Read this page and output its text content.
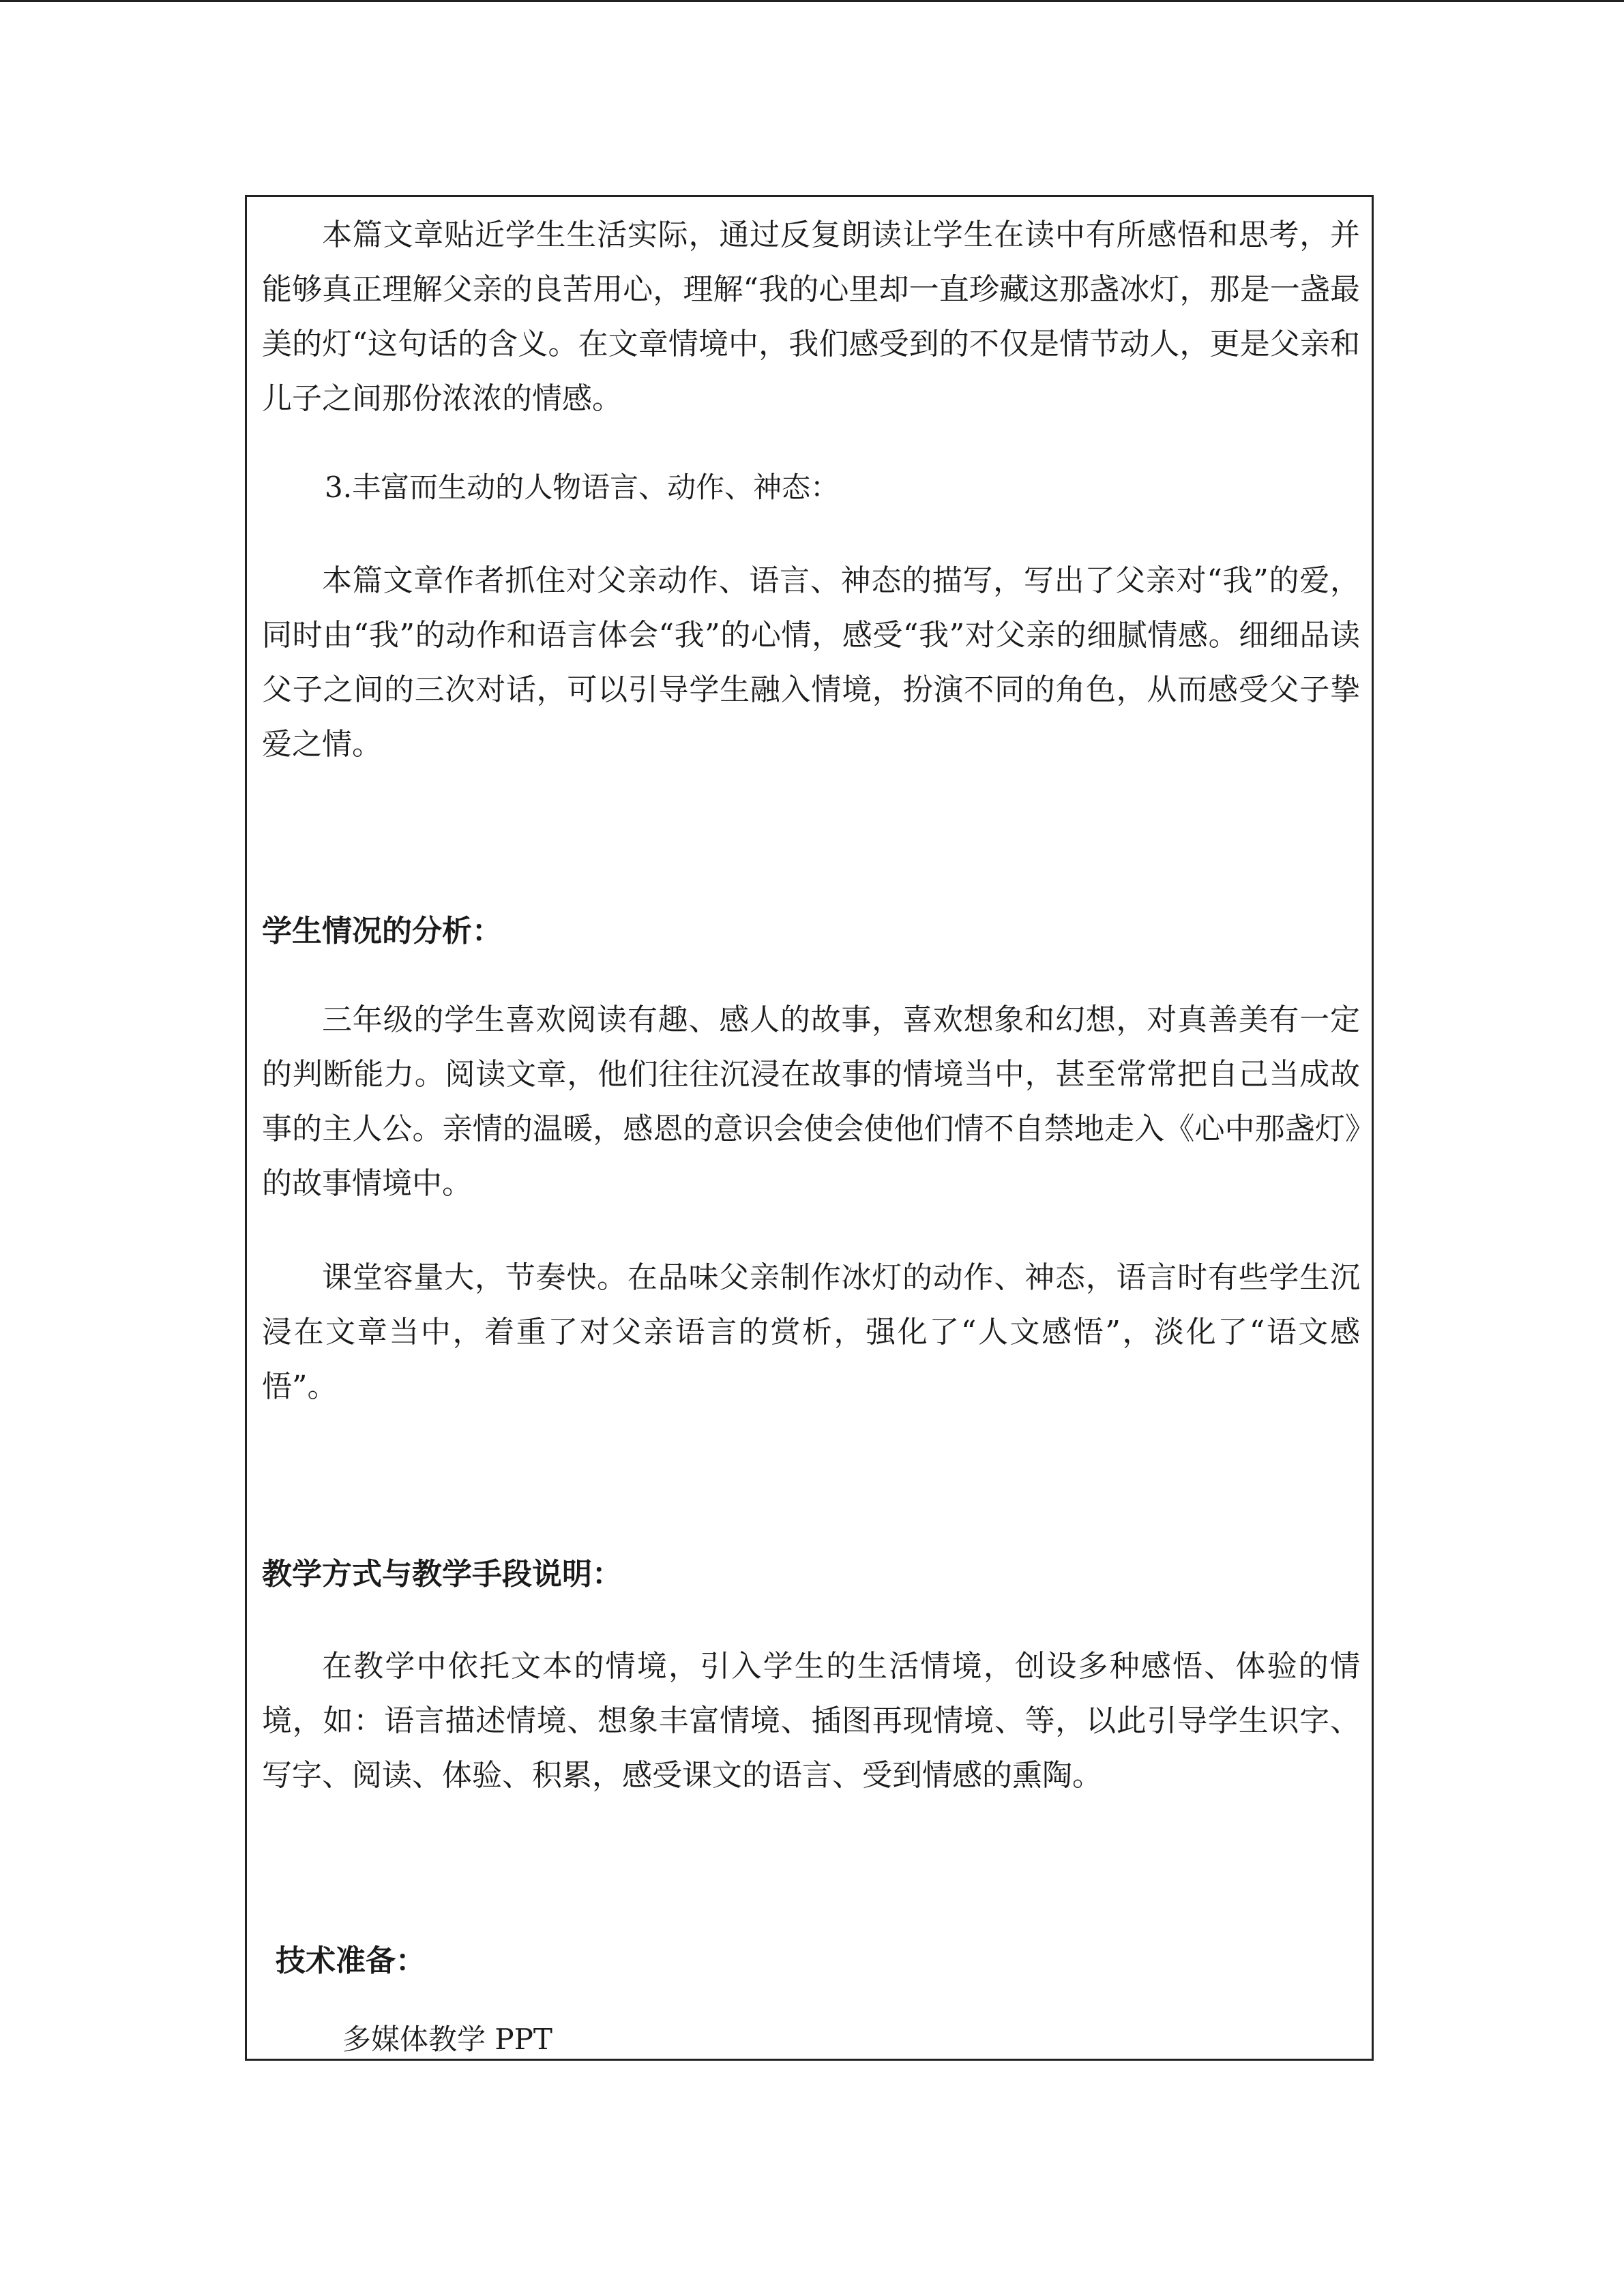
本篇文章贴近学生生活实际，通过反复朗读让学生在读中有所感悟和思考，并能够真正理解父亲的良苦用心，理解“我的心里却一直珍藏这那盏冰灯，那是一盏最美的灯“这句话的含义。在文章情境中，我们感受到的不仅是情节动人，更是父亲和儿子之间那份浓浓的情感。

3.丰富而生动的人物语言、动作、神态：

本篇文章作者抓住对父亲动作、语言、神态的描写，写出了父亲对“我”的爱，同时由“我”的动作和语言体会“我”的心情，感受“我”对父亲的细腻情感。细细品读父子之间的三次对话，可以引导学生融入情境，扮演不同的角色，从而感受父子挚爱之情。

学生情况的分析：

三年级的学生喜欢阅读有趣、感人的故事，喜欢想象和幻想，对真善美有一定的判断能力。阅读文章，他们往往沉浸在故事的情境当中，甚至常常把自己当成故事的主人公。亲情的温暖，感恩的意识会使会使他们情不自禁地走入《心中那盏灯》的故事情境中。

课堂容量大，节奏快。在品味父亲制作冰灯的动作、神态，语言时有些学生沉浸在文章当中，着重了对父亲语言的赏析，强化了“人文感悟”，淡化了“语文感悟”。

教学方式与教学手段说明：

在教学中依托文本的情境，引入学生的生活情境，创设多种感悟、体验的情境，如：语言描述情境、想象丰富情境、插图再现情境、等，以此引导学生识字、写字、阅读、体验、积累，感受课文的语言、受到情感的熏陶。

技术准备：
多媒体教学 PPT
